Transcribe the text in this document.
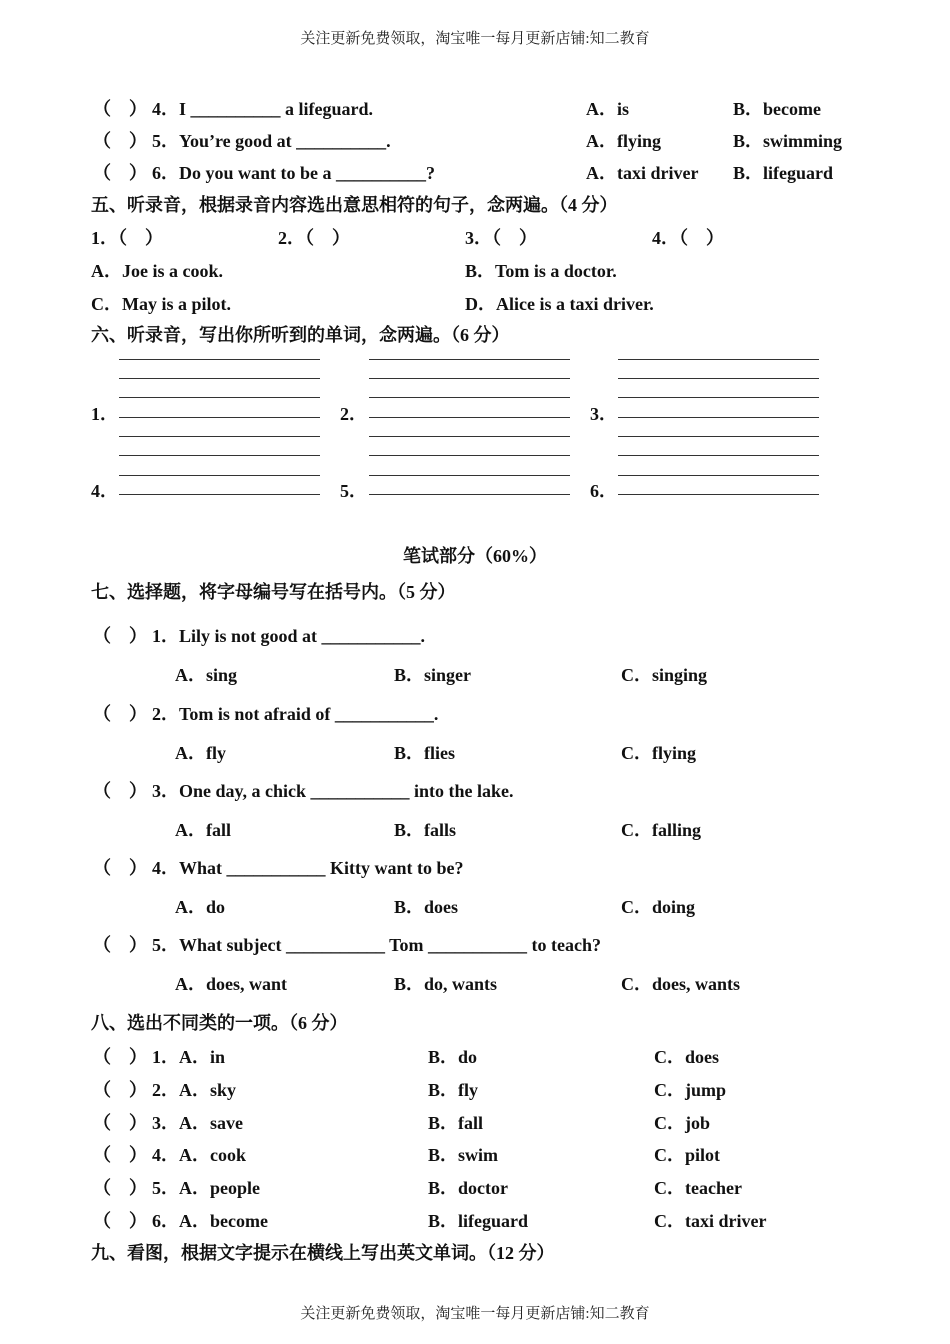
关注更新免费领取，淘宝唯一每月更新店铺:知二教育
关注更新免费领取，淘宝唯一每月更新店铺:知二教育
（　） 4．I __________ a lifeguard.	A．is	B．become
（　） 5．You’re good at __________.	A．flying	B．swimming
（　） 6．Do you want to be a __________?	A．taxi driver B．lifeguard
五、听录音，根据录音内容选出意思相符的句子，念两遍。（4 分）
1．（　）	2．（　）	3．（　）	4．（　）
A．Joe is a cook.	B．Tom is a doctor.
C．May is a pilot.	D．Alice is a taxi driver.
六、听录音，写出你所听到的单词，念两遍。（6 分）
1．	2．	3．
4．	5．	6．
笔试部分（60%）
七、选择题，将字母编号写在括号内。（5 分）
（　） 1．Lily is not good at ___________.
A．sing	B．singer	C．singing
（　） 2．Tom is not afraid of ___________.
A．fly	B．flies	C．flying
（　） 3．One day, a chick ___________ into the lake.
A．fall	B．falls	C．falling
（　） 4．What ___________ Kitty want to be?
A．do	B．does	C．doing
（　） 5．What subject ___________ Tom ___________ to teach?
A．does, want	B．do, wants	C．does, wants
八、选出不同类的一项。（6 分）
（　） 1．A．in	B．do	C．does
（　） 2．A．sky	B．fly	C．jump
（　） 3．A．save	B．fall	C．job
（　） 4．A．cook	B．swim	C．pilot
（　） 5．A．people	B．doctor	C．teacher
（　） 6．A．become	B．lifeguard	C．taxi driver
九、看图，根据文字提示在横线上写出英文单词。（12 分）
